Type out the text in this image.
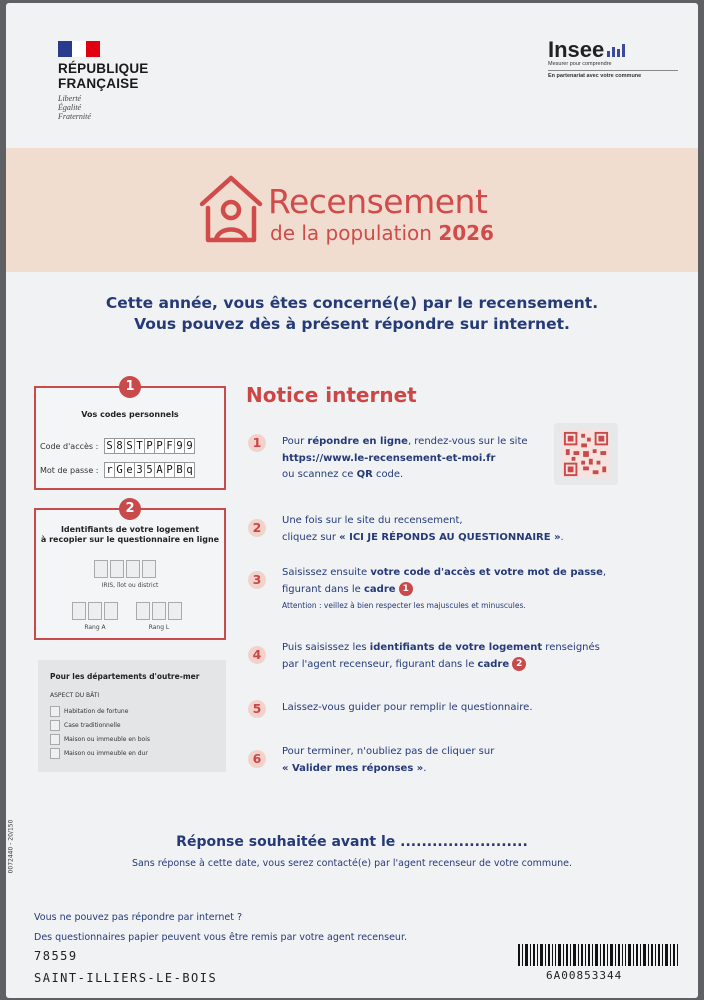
RÉPUBLIQUE
FRANÇAISE
Liberté
Égalité
Fraternité
Insee
Mesurer pour comprendre
En partenariat avec votre commune
Recensement
de la population 2026
Cette année, vous êtes concerné(e) par le recensement.
Vous pouvez dès à présent répondre sur internet.
1
Vos codes personnels
Code d'accès : S 8 S T P P F 9 9
Mot de passe : r G e 3 5 A P B q
2
Identifiants de votre logement
à recopier sur le questionnaire en ligne
IRIS, îlot ou district
Rang A	Rang L
Pour les départements d'outre-mer
ASPECT DU BÂTI
Habitation de fortune
Case traditionnelle
Maison ou immeuble en bois
Maison ou immeuble en dur
Notice internet
1	Pour répondre en ligne, rendez-vous sur le site
https://www.le-recensement-et-moi.fr
ou scannez ce QR code.
2	Une fois sur le site du recensement,
cliquez sur « ICI JE RÉPONDS AU QUESTIONNAIRE ».
3	Saisissez ensuite votre code d'accès et votre mot de passe,
figurant dans le cadre 1
Attention : veillez à bien respecter les majuscules et minuscules.
4	Puis saisissez les identifiants de votre logement renseignés
par l'agent recenseur, figurant dans le cadre 2
5	Laissez-vous guider pour remplir le questionnaire.
6	Pour terminer, n'oubliez pas de cliquer sur
« Valider mes réponses ».
0072440 - 20/150	Réponse souhaitée avant le ........................
Sans réponse à cette date, vous serez contacté(e) par l'agent recenseur de votre commune.
Vous ne pouvez pas répondre par internet ?
Des questionnaires papier peuvent vous être remis par votre agent recenseur.
78559
SAINT-ILLIERS-LE-BOIS	6A00853344
